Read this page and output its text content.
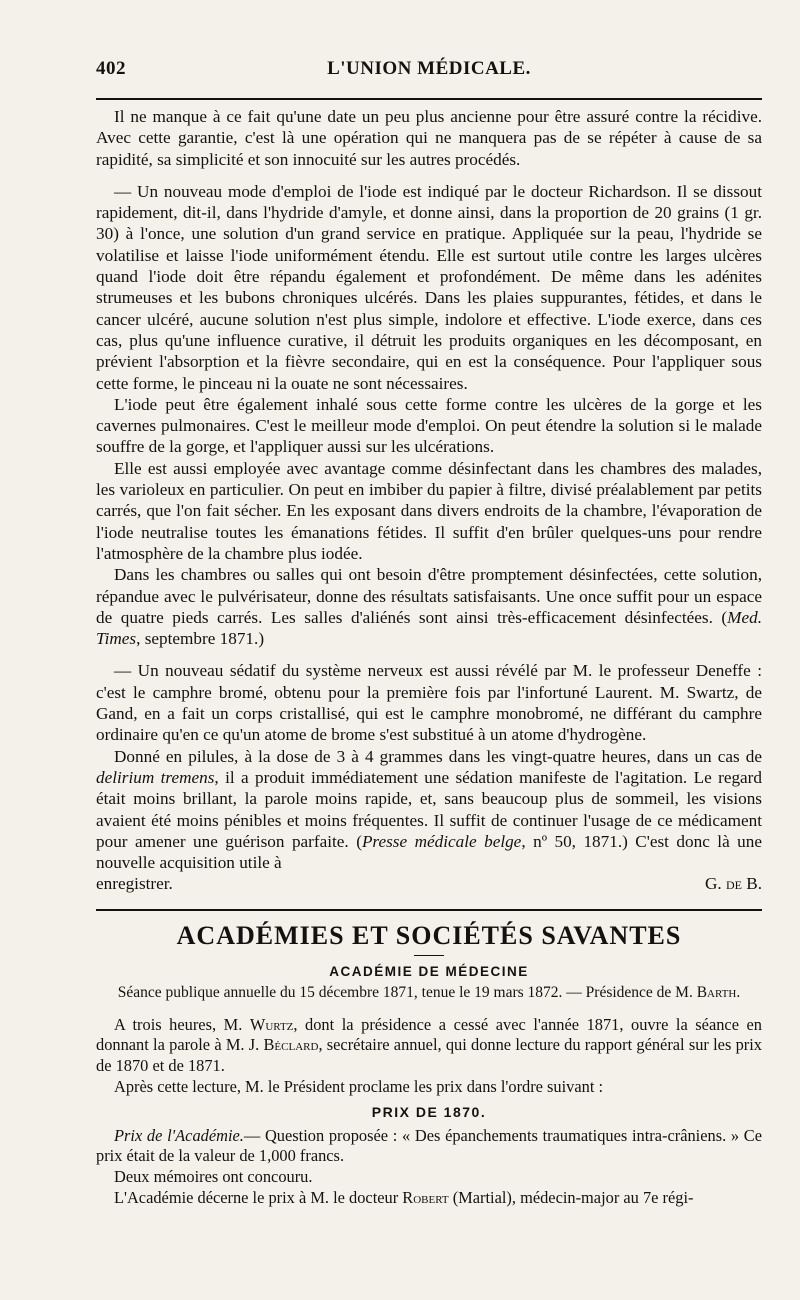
402	L'UNION MÉDICALE.

Il ne manque à ce fait qu'une date un peu plus ancienne pour être assuré contre la récidive. Avec cette garantie, c'est là une opération qui ne manquera pas de se répéter à cause de sa rapidité, sa simplicité et son innocuité sur les autres procédés.

— Un nouveau mode d'emploi de l'iode est indiqué par le docteur Richardson. Il se dissout rapidement, dit-il, dans l'hydride d'amyle, et donne ainsi, dans la proportion de 20 grains (1 gr. 30) à l'once, une solution d'un grand service en pratique. Appliquée sur la peau, l'hydride se volatilise et laisse l'iode uniformément étendu. Elle est surtout utile contre les larges ulcères quand l'iode doit être répandu également et profondément. De même dans les adénites strumeuses et les bubons chroniques ulcérés. Dans les plaies suppurantes, fétides, et dans le cancer ulcéré, aucune solution n'est plus simple, indolore et effective. L'iode exerce, dans ces cas, plus qu'une influence curative, il détruit les produits organiques en les décomposant, en prévient l'absorption et la fièvre secondaire, qui en est la conséquence. Pour l'appliquer sous cette forme, le pinceau ni la ouate ne sont nécessaires.

L'iode peut être également inhalé sous cette forme contre les ulcères de la gorge et les cavernes pulmonaires. C'est le meilleur mode d'emploi. On peut étendre la solution si le malade souffre de la gorge, et l'appliquer aussi sur les ulcérations.

Elle est aussi employée avec avantage comme désinfectant dans les chambres des malades, les varioleux en particulier. On peut en imbiber du papier à filtre, divisé préalablement par petits carrés, que l'on fait sécher. En les exposant dans divers endroits de la chambre, l'évaporation de l'iode neutralise toutes les émanations fétides. Il suffit d'en brûler quelques-uns pour rendre l'atmosphère de la chambre plus iodée.

Dans les chambres ou salles qui ont besoin d'être promptement désinfectées, cette solution, répandue avec le pulvérisateur, donne des résultats satisfaisants. Une once suffit pour un espace de quatre pieds carrés. Les salles d'aliénés sont ainsi très-efficacement désinfectées. (Med. Times, septembre 1871.)

— Un nouveau sédatif du système nerveux est aussi révélé par M. le professeur Deneffe : c'est le camphre bromé, obtenu pour la première fois par l'infortuné Laurent. M. Swartz, de Gand, en a fait un corps cristallisé, qui est le camphre monobromé, ne différant du camphre ordinaire qu'en ce qu'un atome de brome s'est substitué à un atome d'hydrogène.

Donné en pilules, à la dose de 3 à 4 grammes dans les vingt-quatre heures, dans un cas de delirium tremens, il a produit immédiatement une sédation manifeste de l'agitation. Le regard était moins brillant, la parole moins rapide, et, sans beaucoup plus de sommeil, les visions avaient été moins pénibles et moins fréquentes. Il suffit de continuer l'usage de ce médicament pour amener une guérison parfaite. (Presse médicale belge, nº 50, 1871.) C'est donc là une nouvelle acquisition utile à

enregistrer.	G. de B.
ACADÉMIES ET SOCIÉTÉS SAVANTES
ACADÉMIE DE MÉDECINE
Séance publique annuelle du 15 décembre 1871, tenue le 19 mars 1872. — Présidence de M. Barth.

A trois heures, M. Wurtz, dont la présidence a cessé avec l'année 1871, ouvre la séance en donnant la parole à M. J. Béclard, secrétaire annuel, qui donne lecture du rapport général sur les prix de 1870 et de 1871.

Après cette lecture, M. le Président proclame les prix dans l'ordre suivant :

PRIX DE 1870.

Prix de l'Académie.— Question proposée : « Des épanchements traumatiques intra-crâniens. » Ce prix était de la valeur de 1,000 francs.

Deux mémoires ont concouru.

L'Académie décerne le prix à M. le docteur Robert (Martial), médecin-major au 7e régi-
